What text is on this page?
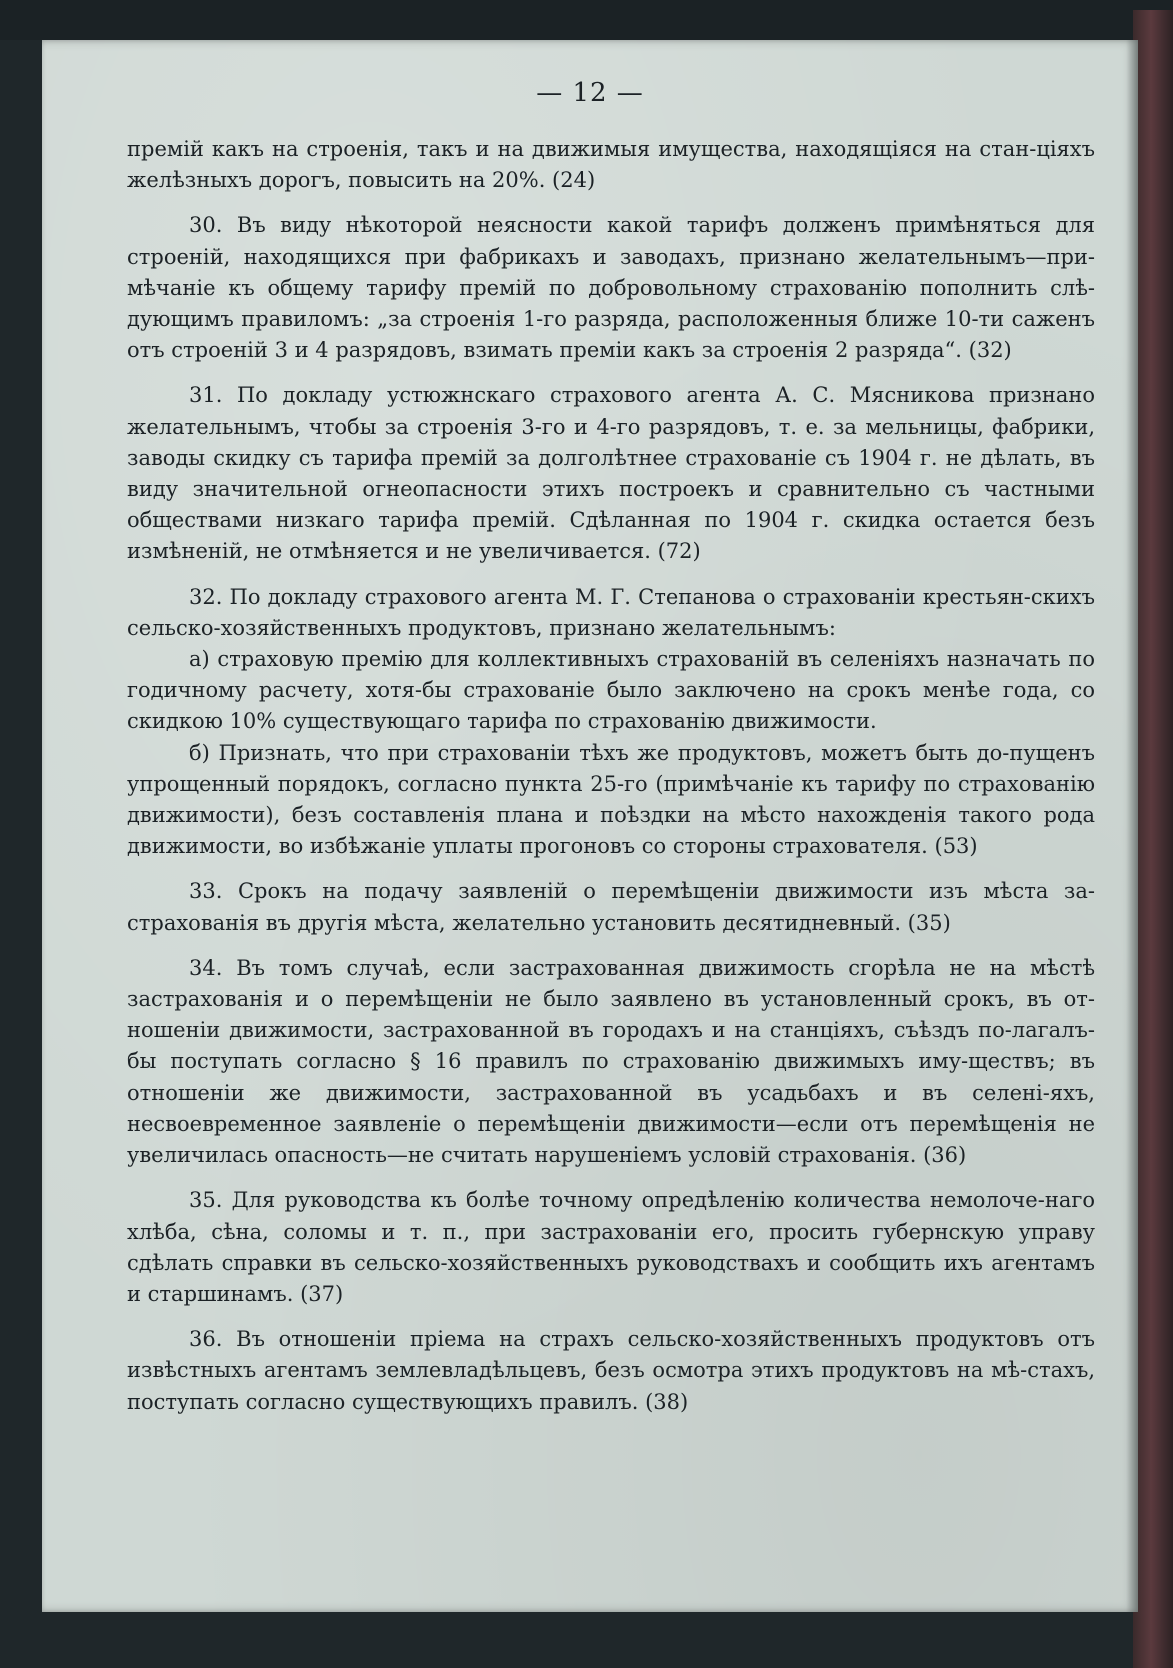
— 12 —

премій какъ на строенія, такъ и на движимыя имущества, находящіяся на стан-ціяхъ желѣзныхъ дорогъ, повысить на 20%. (24)

30. Въ виду нѣкоторой неясности какой тарифъ долженъ примѣняться для строеній, находящихся при фабрикахъ и заводахъ, признано желательнымъ—при-мѣчаніе къ общему тарифу премій по добровольному страхованію пополнить слѣ-дующимъ правиломъ: „за строенія 1-го разряда, расположенныя ближе 10-ти саженъ отъ строеній 3 и 4 разрядовъ, взимать преміи какъ за строенія 2 разряда“. (32)

31. По докладу устюжнскаго страхового агента А. С. Мясникова признано желательнымъ, чтобы за строенія 3-го и 4-го разрядовъ, т. е. за мельницы, фабрики, заводы скидку съ тарифа премій за долголѣтнее страхованіе съ 1904 г. не дѣлать, въ виду значительной огнеопасности этихъ построекъ и сравнительно съ частными обществами низкаго тарифа премій. Сдѣланная по 1904 г. скидка остается безъ измѣненій, не отмѣняется и не увеличивается. (72)

32. По докладу страхового агента М. Г. Степанова о страхованіи крестьян-скихъ сельско-хозяйственныхъ продуктовъ, признано желательнымъ:

а) страховую премію для коллективныхъ страхованій въ селеніяхъ назначать по годичному расчету, хотя-бы страхованіе было заключено на срокъ менѣе года, со скидкою 10% существующаго тарифа по страхованію движимости.

б) Признать, что при страхованіи тѣхъ же продуктовъ, можетъ быть до-пущенъ упрощенный порядокъ, согласно пункта 25-го (примѣчаніе къ тарифу по страхованію движимости), безъ составленія плана и поѣздки на мѣсто нахожденія такого рода движимости, во избѣжаніе уплаты прогоновъ со стороны страхователя. (53)

33. Срокъ на подачу заявленій о перемѣщеніи движимости изъ мѣста за-страхованія въ другія мѣста, желательно установить десятидневный. (35)

34. Въ томъ случаѣ, если застрахованная движимость сгорѣла не на мѣстѣ застрахованія и о перемѣщеніи не было заявлено въ установленный срокъ, въ от-ношеніи движимости, застрахованной въ городахъ и на станціяхъ, съѣздъ по-лагалъ-бы поступать согласно § 16 правилъ по страхованію движимыхъ иму-ществъ; въ отношеніи же движимости, застрахованной въ усадьбахъ и въ селені-яхъ, несвоевременное заявленіе о перемѣщеніи движимости—если отъ перемѣщенія не увеличилась опасность—не считать нарушеніемъ условій страхованія. (36)

35. Для руководства къ болѣе точному опредѣленію количества немолоче-наго хлѣба, сѣна, соломы и т. п., при застрахованіи его, просить губернскую управу сдѣлать справки въ сельско-хозяйственныхъ руководствахъ и сообщить ихъ агентамъ и старшинамъ. (37)

36. Въ отношеніи пріема на страхъ сельско-хозяйственныхъ продуктовъ отъ извѣстныхъ агентамъ землевладѣльцевъ, безъ осмотра этихъ продуктовъ на мѣ-стахъ, поступать согласно существующихъ правилъ. (38)
